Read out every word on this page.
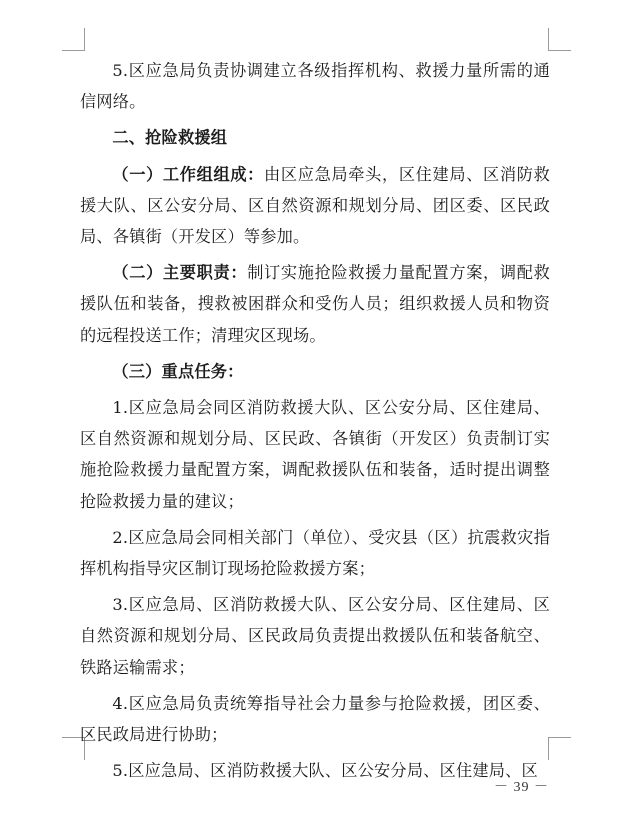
5.区应急局负责协调建立各级指挥机构、救援力量所需的通信网络。

二、抢险救援组

（一）工作组组成：由区应急局牵头，区住建局、区消防救援大队、区公安分局、区自然资源和规划分局、团区委、区民政局、各镇街（开发区）等参加。

（二）主要职责：制订实施抢险救援力量配置方案，调配救援队伍和装备，搜救被困群众和受伤人员；组织救援人员和物资的远程投送工作；清理灾区现场。

（三）重点任务：

1.区应急局会同区消防救援大队、区公安分局、区住建局、区自然资源和规划分局、区民政、各镇街（开发区）负责制订实施抢险救援力量配置方案，调配救援队伍和装备，适时提出调整抢险救援力量的建议；

2.区应急局会同相关部门（单位）、受灾县（区）抗震救灾指挥机构指导灾区制订现场抢险救援方案；

3.区应急局、区消防救援大队、区公安分局、区住建局、区自然资源和规划分局、区民政局负责提出救援队伍和装备航空、铁路运输需求；

4.区应急局负责统筹指导社会力量参与抢险救援，团区委、区民政局进行协助；

5.区应急局、区消防救援大队、区公安分局、区住建局、区

－ 39 －
